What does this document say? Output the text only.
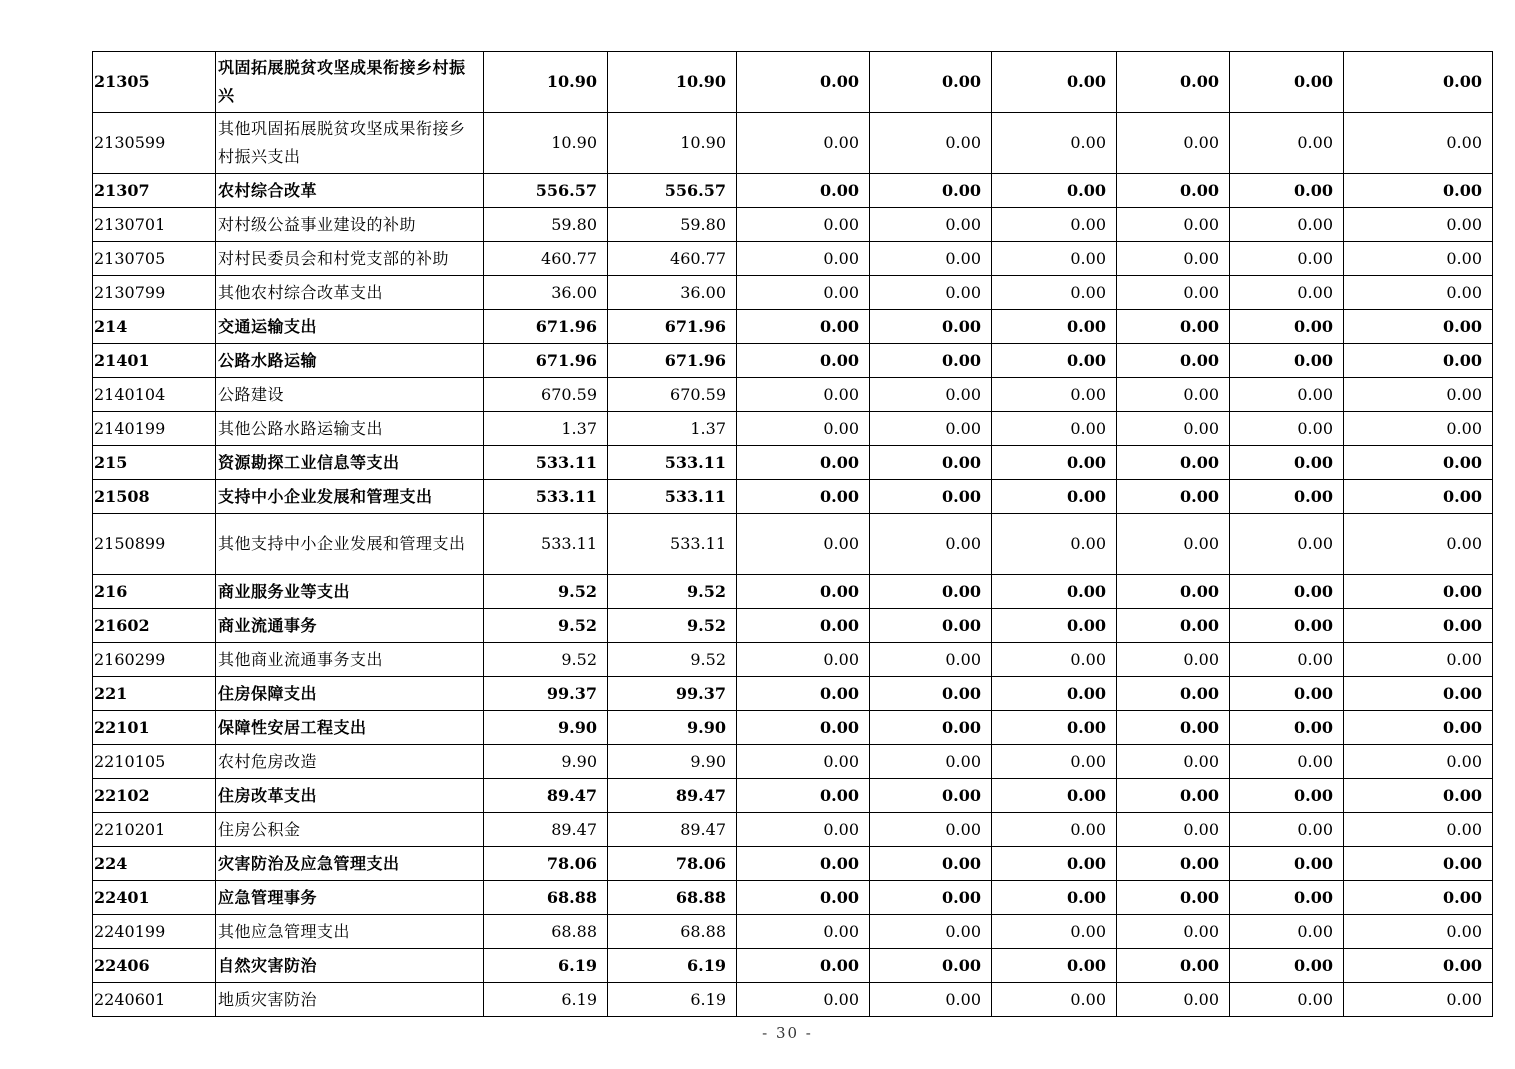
21305	巩固拓展脱贫攻坚成果衔接乡村振兴	10.90	10.90	0.00	0.00	0.00	0.00	0.00	0.00
2130599	其他巩固拓展脱贫攻坚成果衔接乡村振兴支出	10.90	10.90	0.00	0.00	0.00	0.00	0.00	0.00
21307	农村综合改革	556.57	556.57	0.00	0.00	0.00	0.00	0.00	0.00
2130701	对村级公益事业建设的补助	59.80	59.80	0.00	0.00	0.00	0.00	0.00	0.00
2130705	对村民委员会和村党支部的补助	460.77	460.77	0.00	0.00	0.00	0.00	0.00	0.00
2130799	其他农村综合改革支出	36.00	36.00	0.00	0.00	0.00	0.00	0.00	0.00
214	交通运输支出	671.96	671.96	0.00	0.00	0.00	0.00	0.00	0.00
21401	公路水路运输	671.96	671.96	0.00	0.00	0.00	0.00	0.00	0.00
2140104	公路建设	670.59	670.59	0.00	0.00	0.00	0.00	0.00	0.00
2140199	其他公路水路运输支出	1.37	1.37	0.00	0.00	0.00	0.00	0.00	0.00
215	资源勘探工业信息等支出	533.11	533.11	0.00	0.00	0.00	0.00	0.00	0.00
21508	支持中小企业发展和管理支出	533.11	533.11	0.00	0.00	0.00	0.00	0.00	0.00
2150899	其他支持中小企业发展和管理支出	533.11	533.11	0.00	0.00	0.00	0.00	0.00	0.00
216	商业服务业等支出	9.52	9.52	0.00	0.00	0.00	0.00	0.00	0.00
21602	商业流通事务	9.52	9.52	0.00	0.00	0.00	0.00	0.00	0.00
2160299	其他商业流通事务支出	9.52	9.52	0.00	0.00	0.00	0.00	0.00	0.00
221	住房保障支出	99.37	99.37	0.00	0.00	0.00	0.00	0.00	0.00
22101	保障性安居工程支出	9.90	9.90	0.00	0.00	0.00	0.00	0.00	0.00
2210105	农村危房改造	9.90	9.90	0.00	0.00	0.00	0.00	0.00	0.00
22102	住房改革支出	89.47	89.47	0.00	0.00	0.00	0.00	0.00	0.00
2210201	住房公积金	89.47	89.47	0.00	0.00	0.00	0.00	0.00	0.00
224	灾害防治及应急管理支出	78.06	78.06	0.00	0.00	0.00	0.00	0.00	0.00
22401	应急管理事务	68.88	68.88	0.00	0.00	0.00	0.00	0.00	0.00
2240199	其他应急管理支出	68.88	68.88	0.00	0.00	0.00	0.00	0.00	0.00
22406	自然灾害防治	6.19	6.19	0.00	0.00	0.00	0.00	0.00	0.00
2240601	地质灾害防治	6.19	6.19	0.00	0.00	0.00	0.00	0.00	0.00
- 30 -
